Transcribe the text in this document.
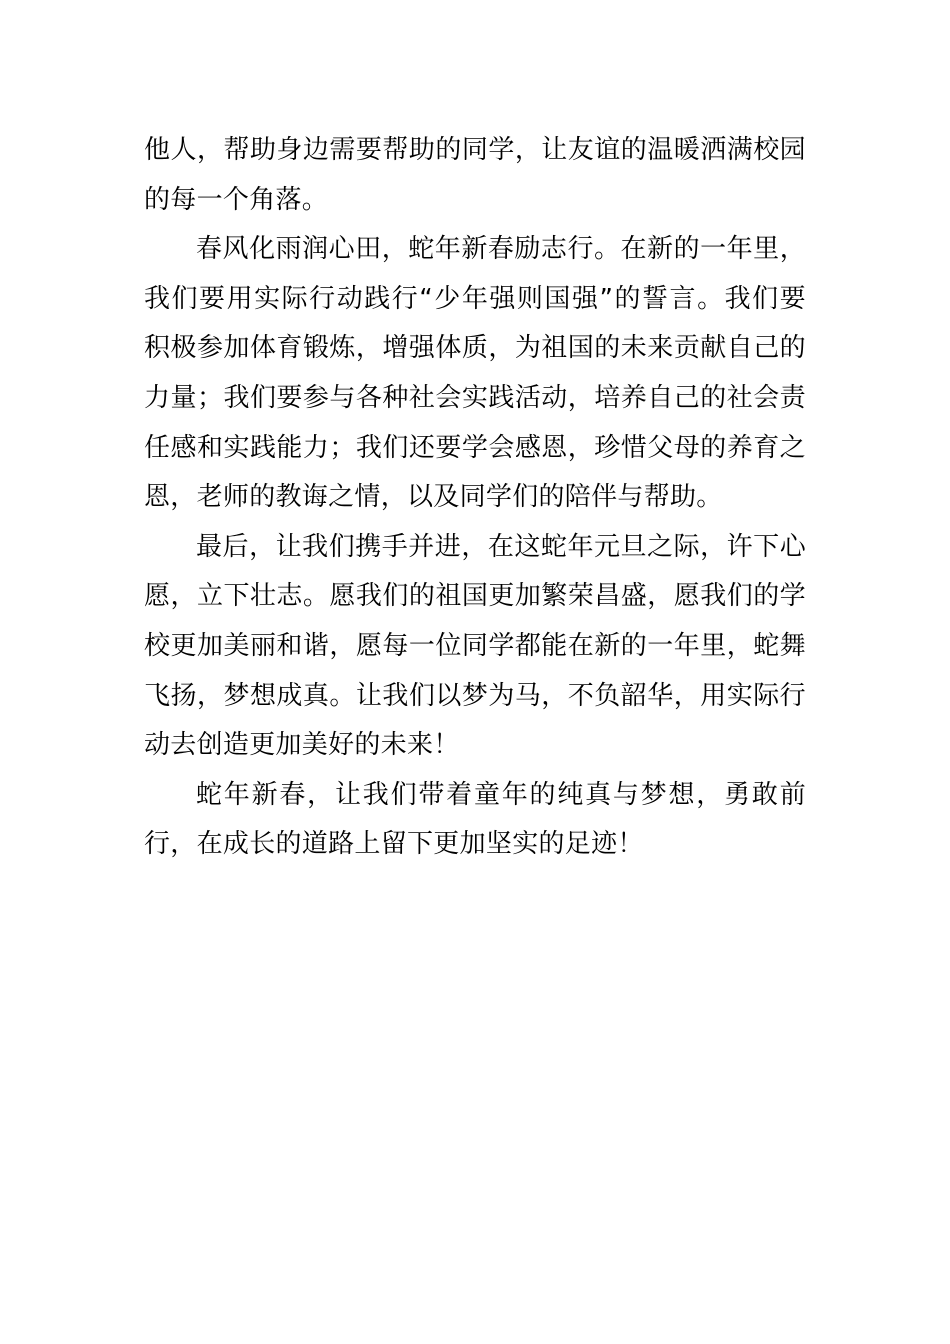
他人，帮助身边需要帮助的同学，让友谊的温暖洒满校园
的每一个角落。

春风化雨润心田，蛇年新春励志行。在新的一年里，
我们要用实际行动践行“少年强则国强”的誓言。我们要
积极参加体育锻炼，增强体质，为祖国的未来贡献自己的
力量；我们要参与各种社会实践活动，培养自己的社会责
任感和实践能力；我们还要学会感恩，珍惜父母的养育之
恩，老师的教诲之情，以及同学们的陪伴与帮助。

最后，让我们携手并进，在这蛇年元旦之际，许下心
愿，立下壮志。愿我们的祖国更加繁荣昌盛，愿我们的学
校更加美丽和谐，愿每一位同学都能在新的一年里，蛇舞
飞扬，梦想成真。让我们以梦为马，不负韶华，用实际行
动去创造更加美好的未来！

蛇年新春，让我们带着童年的纯真与梦想，勇敢前
行，在成长的道路上留下更加坚实的足迹！
